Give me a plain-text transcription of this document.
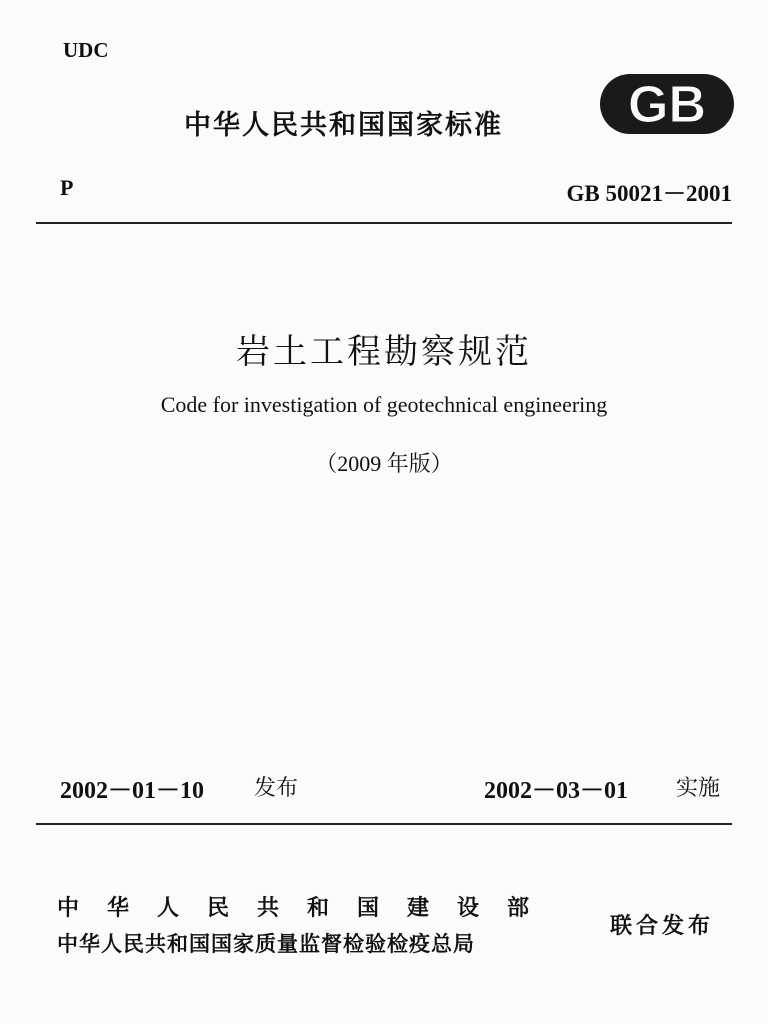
UDC
中华人民共和国国家标准 GB
P	GB 50021－2001
岩土工程勘察规范
Code for investigation of geotechnical engineering
（2009 年版）
2002－01－10 发布	2002－03－01 实施
中华人民共和国建设部
中华人民共和国国家质量监督检验检疫总局
联合发布
